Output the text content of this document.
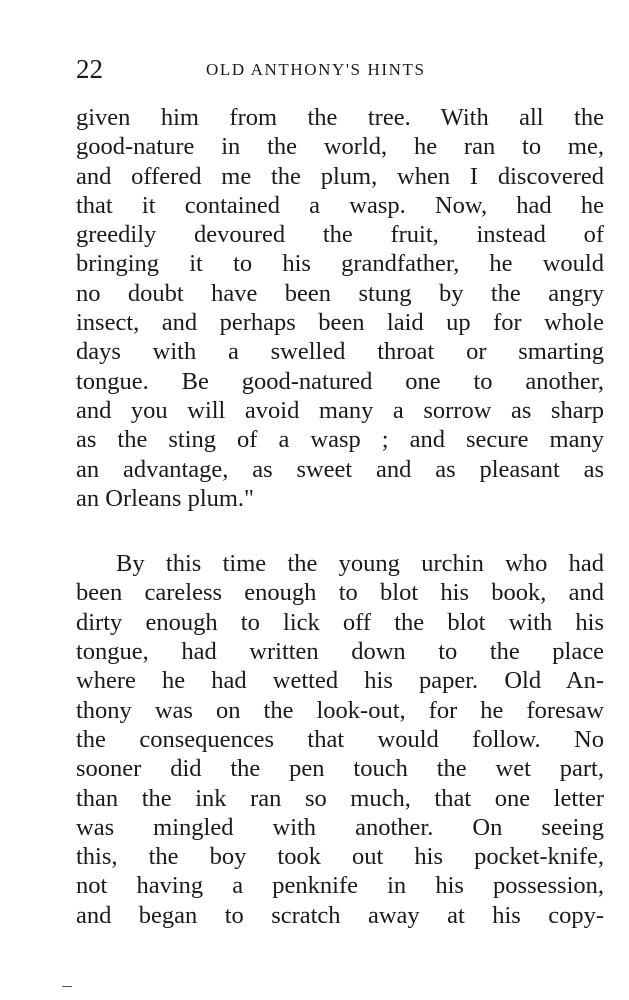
22	OLD ANTHONY'S HINTS
given him from the tree. With all the
good-nature in the world, he ran to me,
and offered me the plum, when I discovered
that it contained a wasp. Now, had he
greedily devoured the fruit, instead of
bringing it to his grandfather, he would
no doubt have been stung by the angry
insect, and perhaps been laid up for whole
days with a swelled throat or smarting
tongue. Be good-natured one to another,
and you will avoid many a sorrow as sharp
as the sting of a wasp ; and secure many
an advantage, as sweet and as pleasant as
an Orleans plum."
By this time the young urchin who had
been careless enough to blot his book, and
dirty enough to lick off the blot with his
tongue, had written down to the place
where he had wetted his paper. Old An-
thony was on the look-out, for he foresaw
the consequences that would follow. No
sooner did the pen touch the wet part,
than the ink ran so much, that one letter
was mingled with another. On seeing
this, the boy took out his pocket-knife,
not having a penknife in his possession,
and began to scratch away at his copy-
